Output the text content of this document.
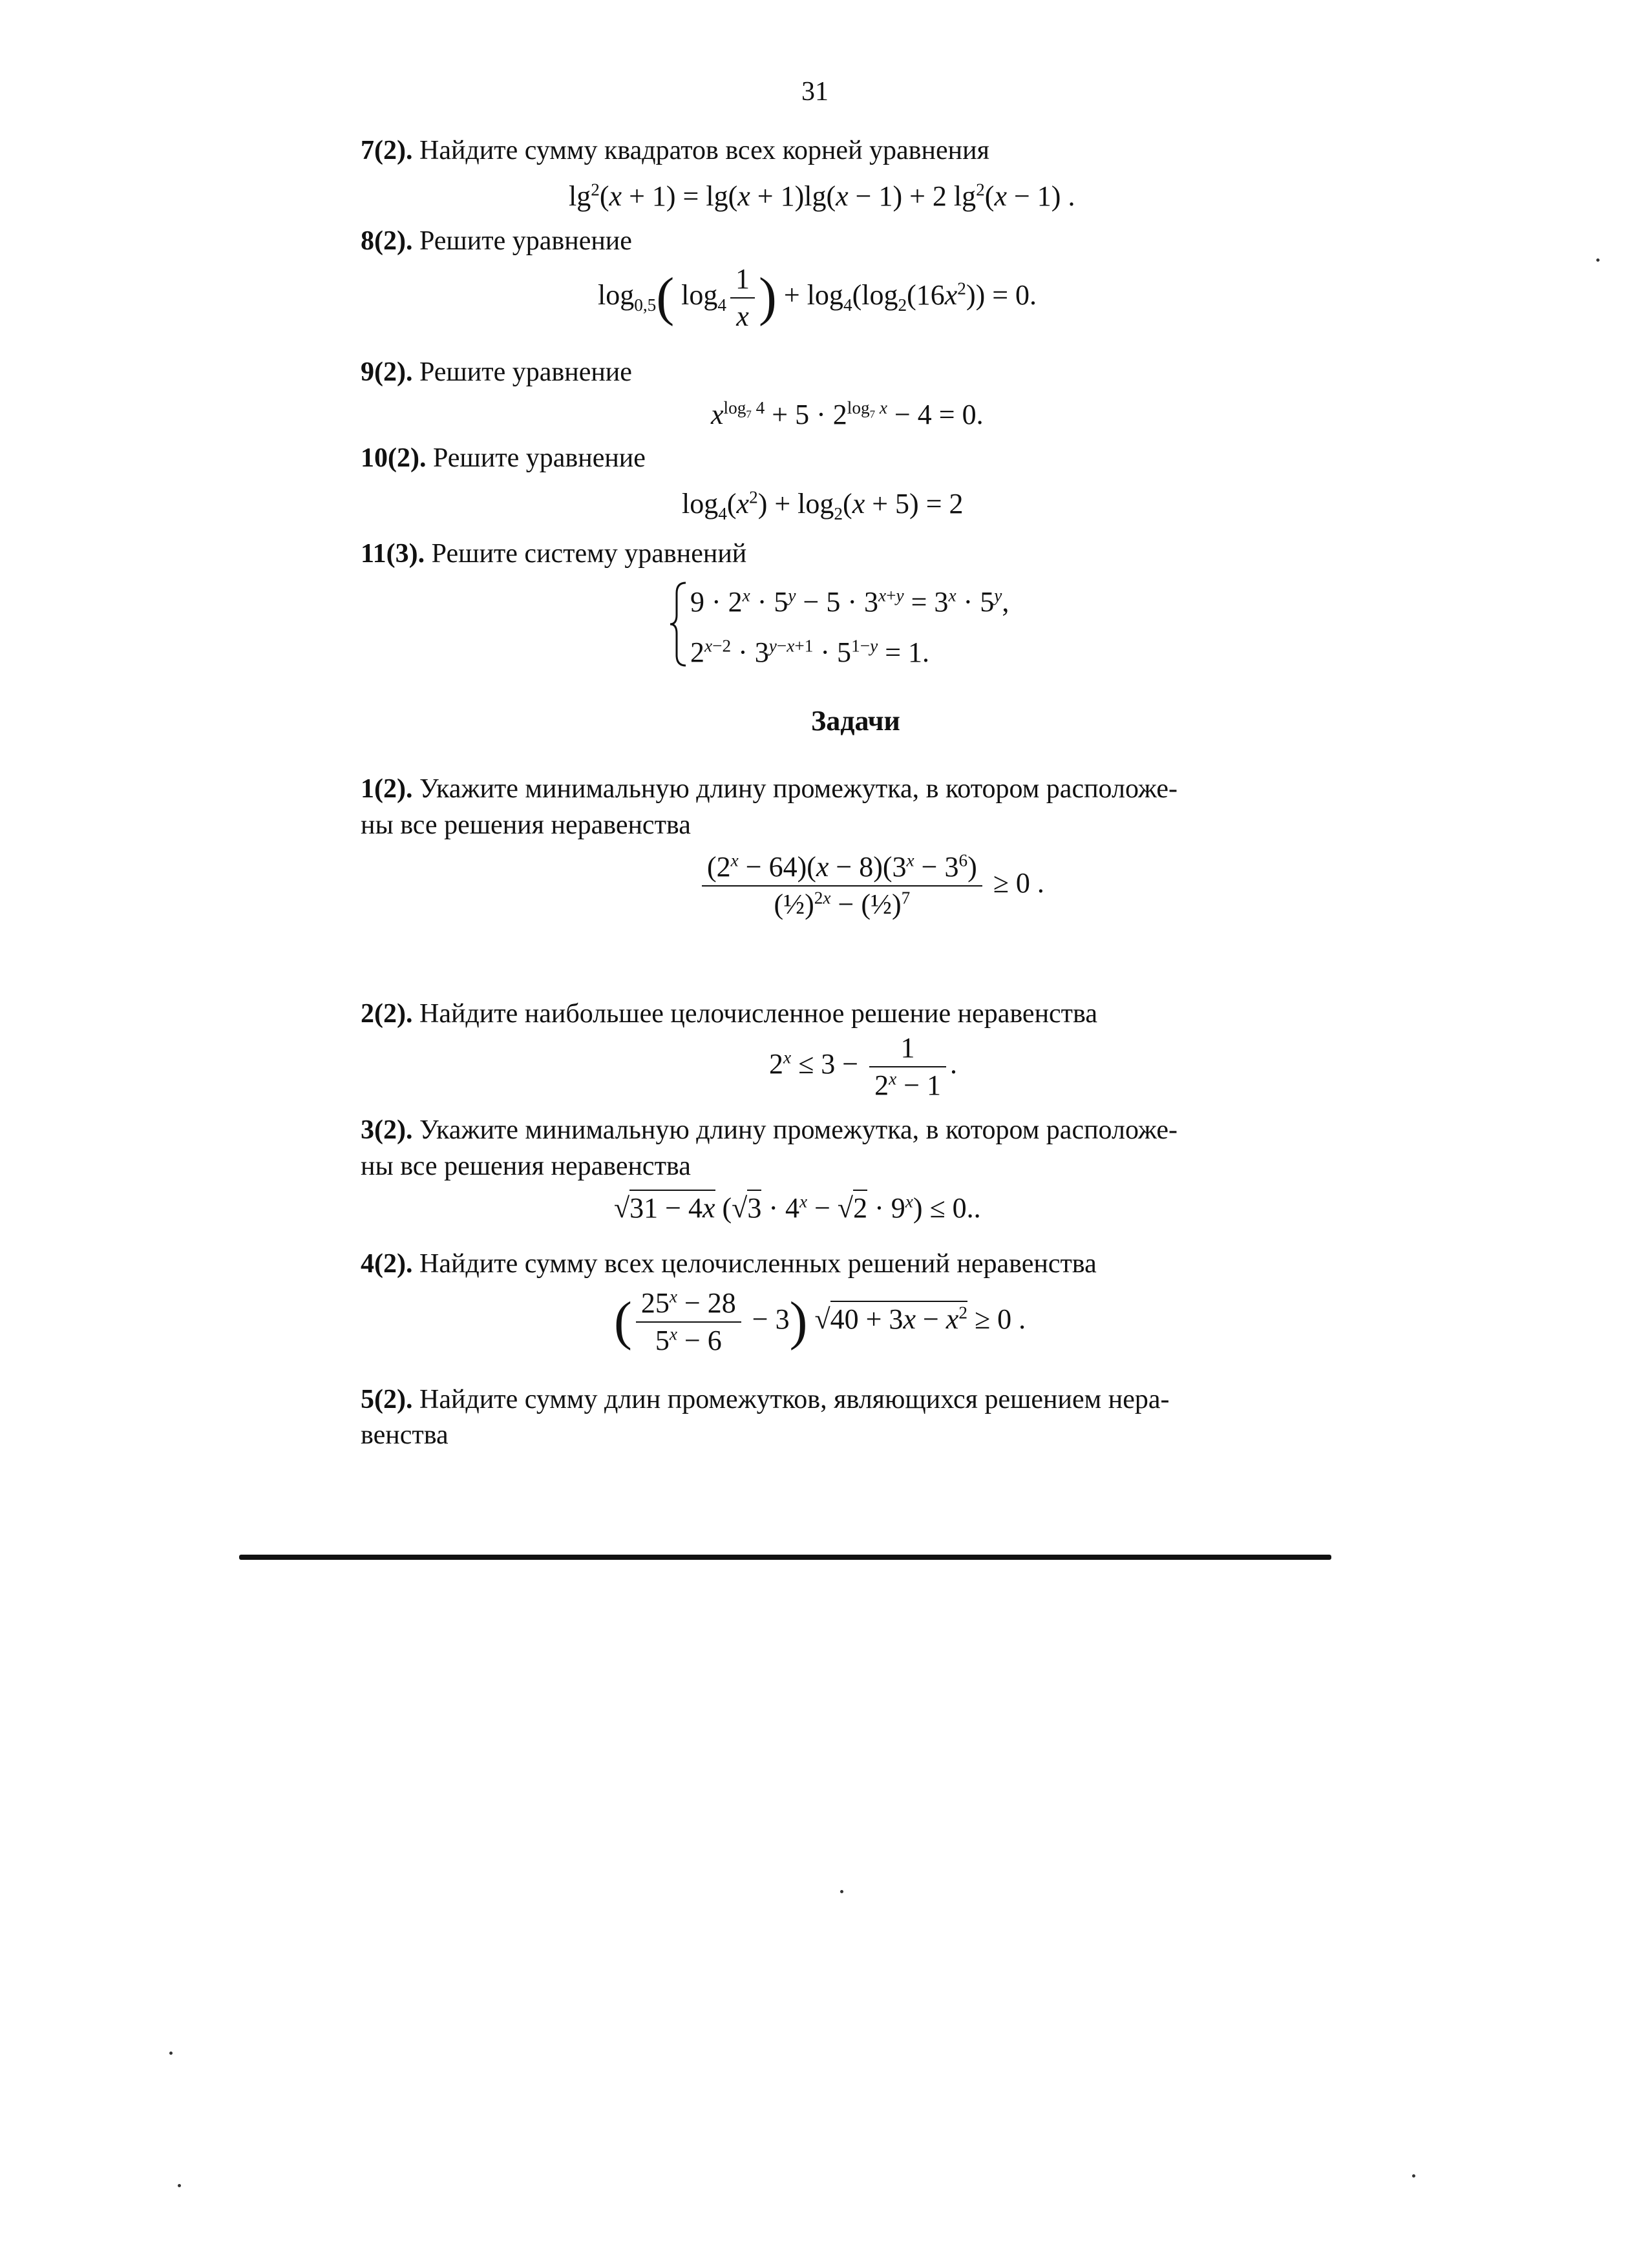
31
7(2). Найдите сумму квадратов всех корней уравнения
$\lg^2(x + 1) = \lg(x + 1)\lg(x - 1) + 2$ $\lg^2(x - 1)$ .
8(2). Решите уравнение
$\log_{0,5}$( $\log_4 \frac{1}{x}$ ) + $\log_4(\log_2(16x^2)) = 0$.
9(2). Решите уравнение
$x^{log_7 4} + 5 \cdot 2^{log_7 x} - 4 = 0$.
10(2). Решите уравнение
$\log_4(x^2) + \log_2(x + 5) = 2$
11(3). Решите систему уравнений
$9 \cdot 2^x \cdot 5^y - 5 \cdot 3^{x+y} = 3^x \cdot 5^y$,
$2^{x-2} \cdot 3^{y-x+1} \cdot 5^{1-y} = 1$.
Задачи
1(2). Укажите минимальную длину промежутка, в котором расположе-
ны все решения неравенства
$\frac{(2^x - 64)(x - 8)(3^x - 3^6)}{(\frac{1}{2})^{2x} - (\frac{1}{2})^7} \ge 0$ .
2(2). Найдите наибольшее целочисленное решение неравенства
$2^x \le 3 - \frac{1}{2^x - 1}$ .
3(2). Укажите минимальную длину промежутка, в котором расположе-
ны все решения неравенства
√31 − 4x $(√3 \cdot 4^x - √2 \cdot 9^x) \le 0$..
4(2). Найдите сумму всех целочисленных решений неравенства
( $\frac{25^x - 28}{5^x - 6} - 3$) $√40 + 3x - x^2 \ge 0$ .
5(2). Найдите сумму длин промежутков, являющихся решением нера-
венства
